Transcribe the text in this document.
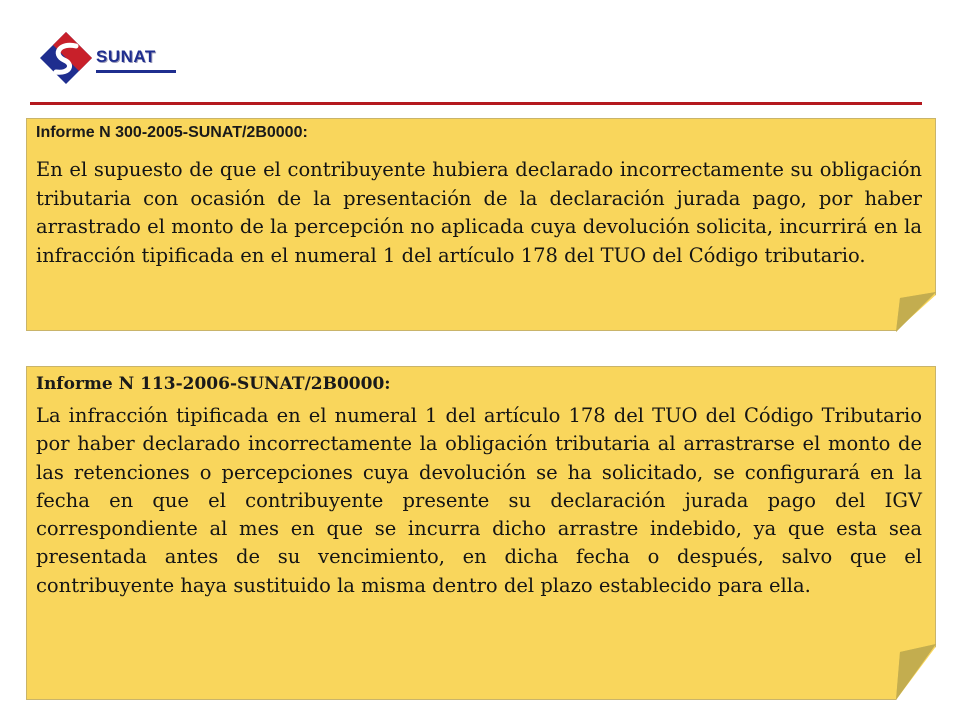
SUNAT
Informe N 300-2005-SUNAT/2B0000:

En el supuesto de que el contribuyente hubiera declarado incorrectamente su obligación tributaria con ocasión de la presentación de la declaración jurada pago, por haber arrastrado el monto de la percepción no aplicada cuya devolución solicita, incurrirá en la infracción tipificada en el numeral 1 del artículo 178 del TUO del Código tributario.

Informe N 113-2006-SUNAT/2B0000:

La infracción tipificada en el numeral 1 del artículo 178 del TUO del Código Tributario por haber declarado incorrectamente la obligación tributaria al arrastrarse el monto de las retenciones o percepciones cuya devolución se ha solicitado, se configurará en la fecha en que el contribuyente presente su declaración jurada pago del IGV correspondiente al mes en que se incurra dicho arrastre indebido, ya que esta sea presentada antes de su vencimiento, en dicha fecha o después, salvo que el contribuyente haya sustituido la misma dentro del plazo establecido para ella.
